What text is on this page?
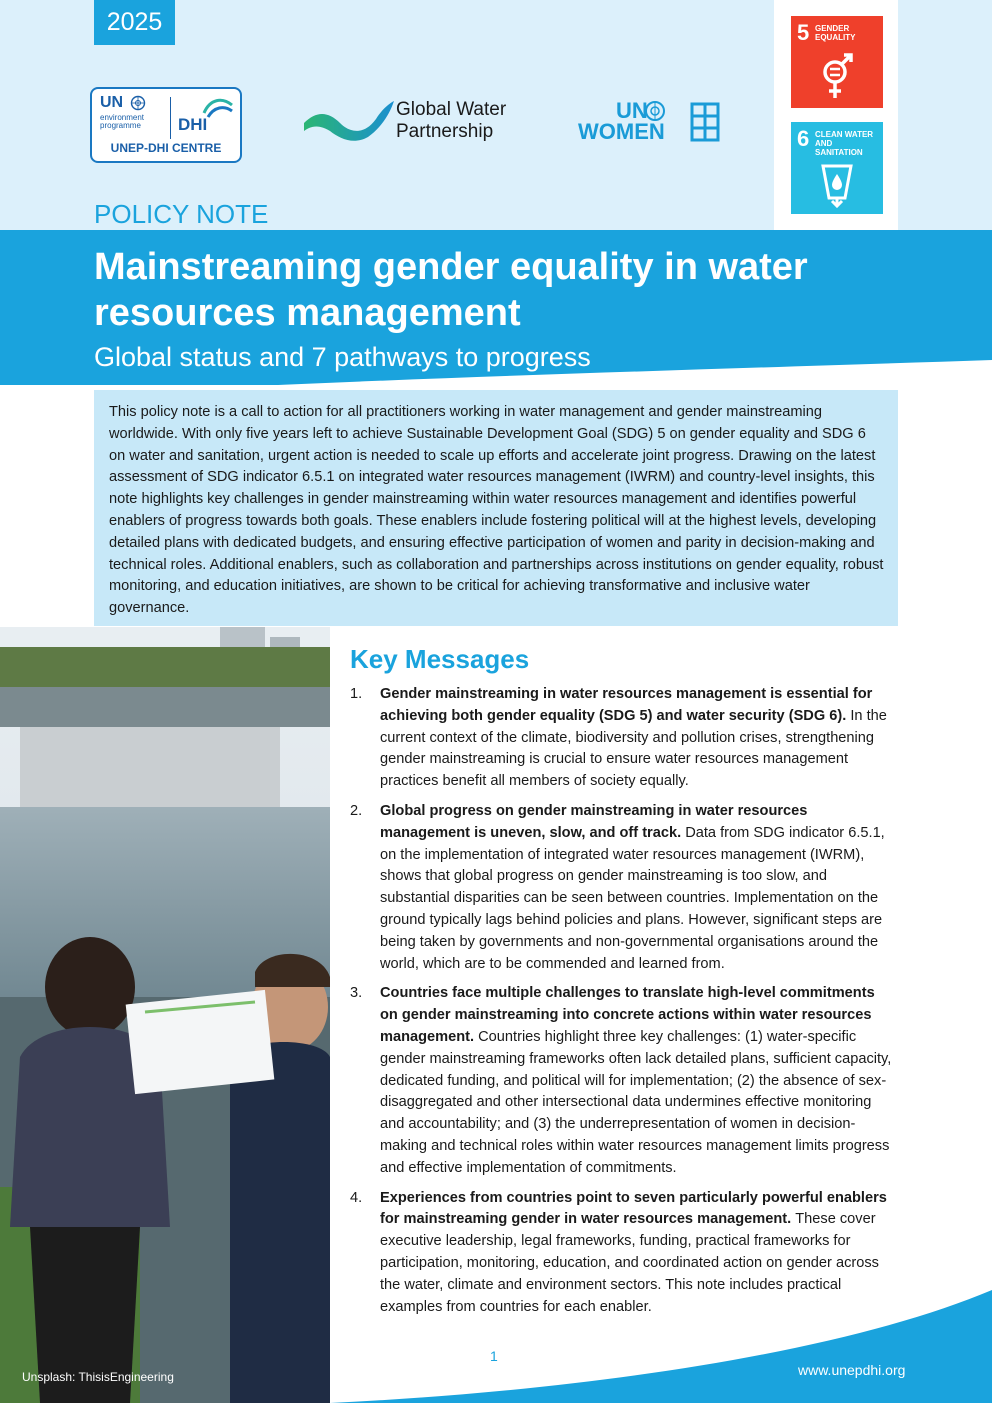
2025
UN
environment programme	DHI
UNEP-DHI CENTRE
Global Water
Partnership
UN
WOMEN
5 GENDER EQUALITY
6 CLEAN WATER AND SANITATION
POLICY NOTE
Mainstreaming gender equality in water resources management
Global status and 7 pathways to progress

This policy note is a call to action for all practitioners working in water management and gender mainstreaming worldwide. With only five years left to achieve Sustainable Development Goal (SDG) 5 on gender equality and SDG 6 on water and sanitation, urgent action is needed to scale up efforts and accelerate joint progress. Drawing on the latest assessment of SDG indicator 6.5.1 on integrated water resources management (IWRM) and country-level insights, this note highlights key challenges in gender mainstreaming within water resources management and identifies powerful enablers of progress towards both goals. These enablers include fostering political will at the highest levels, developing detailed plans with dedicated budgets, and ensuring effective participation of women and parity in decision-making and technical roles. Additional enablers, such as collaboration and partnerships across institutions on gender equality, robust monitoring, and education initiatives, are shown to be critical for achieving transformative and inclusive water governance.

Unsplash: ThisisEngineering
Key Messages
1. Gender mainstreaming in water resources management is essential for achieving both gender equality (SDG 5) and water security (SDG 6). In the current context of the climate, biodiversity and pollution crises, strengthening gender mainstreaming is crucial to ensure water resources management practices benefit all members of society equally.
2. Global progress on gender mainstreaming in water resources management is uneven, slow, and off track. Data from SDG indicator 6.5.1, on the implementation of integrated water resources management (IWRM), shows that global progress on gender mainstreaming is too slow, and substantial disparities can be seen between countries. Implementation on the ground typically lags behind policies and plans. However, significant steps are being taken by governments and non-governmental organisations around the world, which are to be commended and learned from.
3. Countries face multiple challenges to translate high-level commitments on gender mainstreaming into concrete actions within water resources management. Countries highlight three key challenges: (1) water-specific gender mainstreaming frameworks often lack detailed plans, sufficient capacity, dedicated funding, and political will for implementation; (2) the absence of sex-disaggregated and other intersectional data undermines effective monitoring and accountability; and (3) the underrepresentation of women in decision-making and technical roles within water resources management limits progress and effective implementation of commitments.
4. Experiences from countries point to seven particularly powerful enablers for mainstreaming gender in water resources management. These cover executive leadership, legal frameworks, funding, practical frameworks for participation, monitoring, education, and coordinated action on gender across the water, climate and environment sectors. This note includes practical examples from countries for each enabler.
1
www.unepdhi.org
